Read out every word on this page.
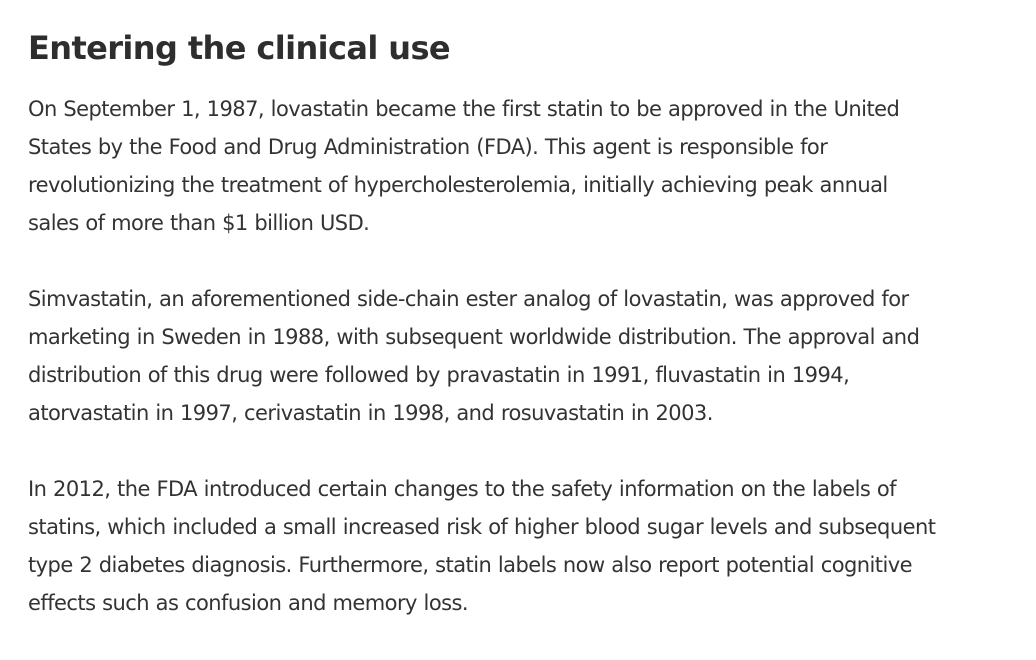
Entering the clinical use

On September 1, 1987, lovastatin became the first statin to be approved in the United
States by the Food and Drug Administration (FDA). This agent is responsible for
revolutionizing the treatment of hypercholesterolemia, initially achieving peak annual
sales of more than $1 billion USD.

Simvastatin, an aforementioned side-chain ester analog of lovastatin, was approved for
marketing in Sweden in 1988, with subsequent worldwide distribution. The approval and
distribution of this drug were followed by pravastatin in 1991, fluvastatin in 1994,
atorvastatin in 1997, cerivastatin in 1998, and rosuvastatin in 2003.

In 2012, the FDA introduced certain changes to the safety information on the labels of
statins, which included a small increased risk of higher blood sugar levels and subsequent
type 2 diabetes diagnosis. Furthermore, statin labels now also report potential cognitive
effects such as confusion and memory loss.
